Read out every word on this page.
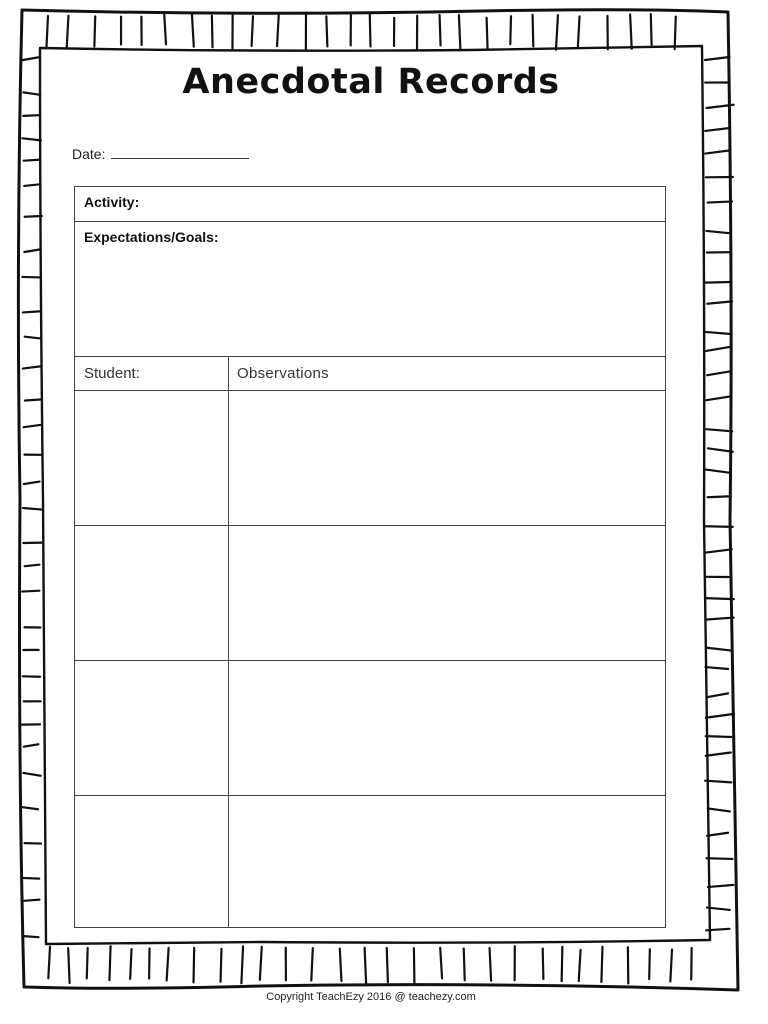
Anecdotal Records
Date:
Activity:
Expectations/Goals:
Student:	Observations
Copyright TeachEzy 2016 @ teachezy.com
